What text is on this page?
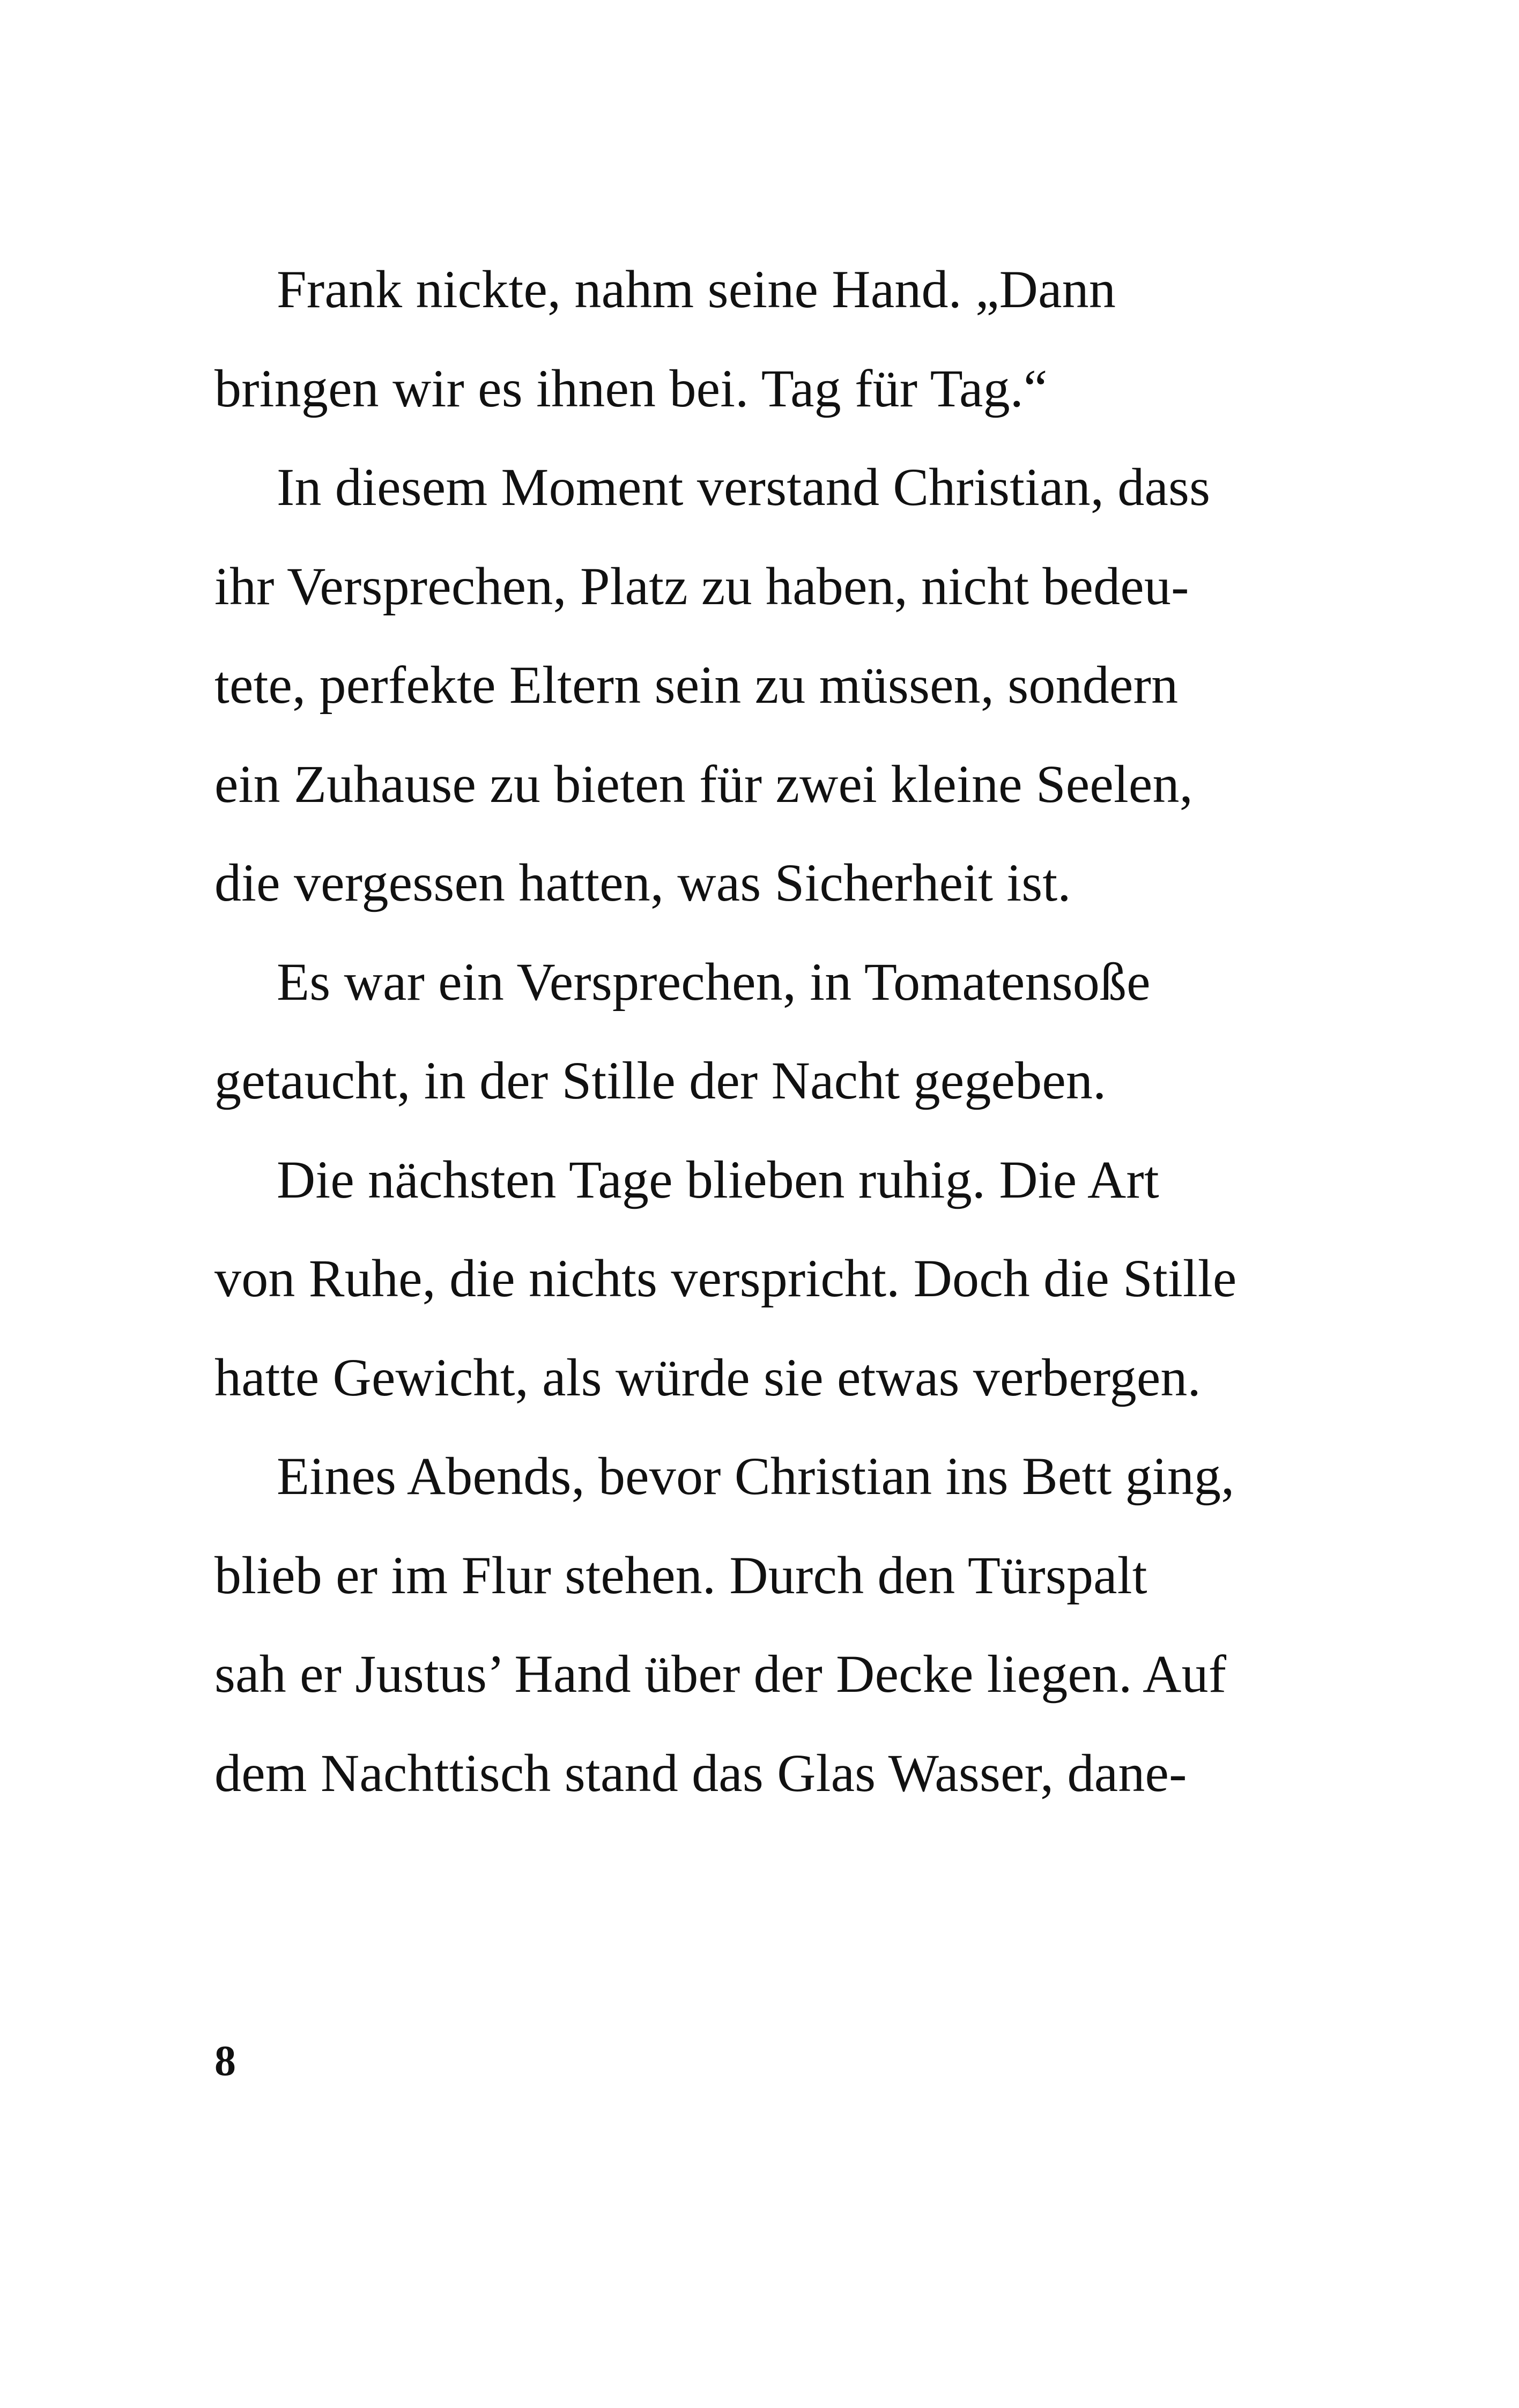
Frank nickte, nahm seine Hand. „Dann
bringen wir es ihnen bei. Tag für Tag.“
In diesem Moment verstand Christian, dass
ihr Versprechen, Platz zu haben, nicht bedeu-
tete, perfekte Eltern sein zu müssen, sondern
ein Zuhause zu bieten für zwei kleine Seelen,
die vergessen hatten, was Sicherheit ist.
Es war ein Versprechen, in Tomatensoße
getaucht, in der Stille der Nacht gegeben.
Die nächsten Tage blieben ruhig. Die Art
von Ruhe, die nichts verspricht. Doch die Stille
hatte Gewicht, als würde sie etwas verbergen.
Eines Abends, bevor Christian ins Bett ging,
blieb er im Flur stehen. Durch den Türspalt
sah er Justus’ Hand über der Decke liegen. Auf
dem Nachttisch stand das Glas Wasser, dane-
8
